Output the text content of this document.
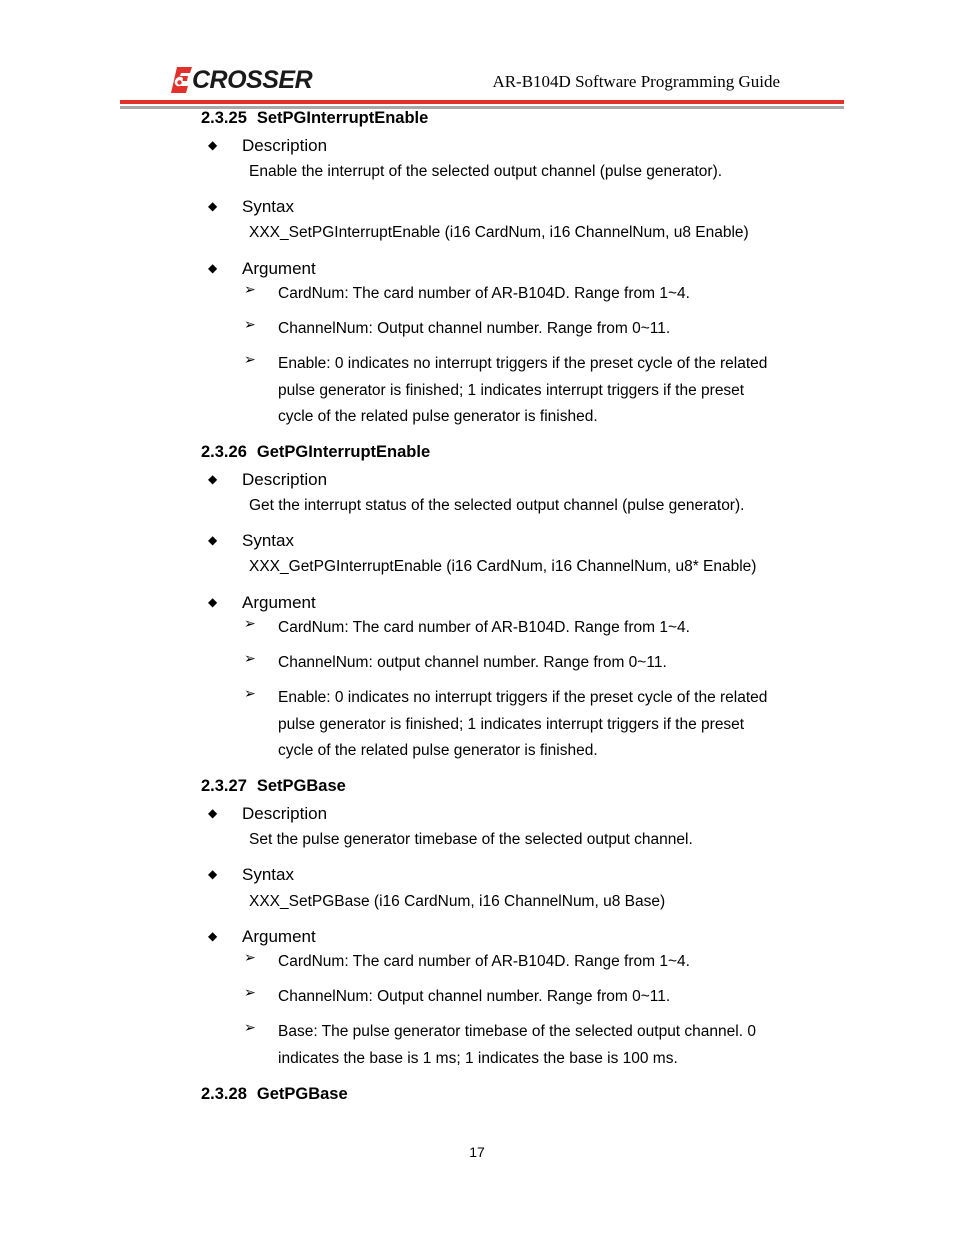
CROSSER	AR-B104D Software Programming Guide
2.3.25 SetPGInterruptEnable
◆ Description
Enable the interrupt of the selected output channel (pulse generator).
◆ Syntax
XXX_SetPGInterruptEnable (i16 CardNum, i16 ChannelNum, u8 Enable)
◆ Argument
➢ CardNum: The card number of AR-B104D. Range from 1~4.
➢ ChannelNum: Output channel number. Range from 0~11.
➢ Enable: 0 indicates no interrupt triggers if the preset cycle of the related pulse generator is finished; 1 indicates interrupt triggers if the preset cycle of the related pulse generator is finished.
2.3.26 GetPGInterruptEnable
◆ Description
Get the interrupt status of the selected output channel (pulse generator).
◆ Syntax
XXX_GetPGInterruptEnable (i16 CardNum, i16 ChannelNum, u8* Enable)
◆ Argument
➢ CardNum: The card number of AR-B104D. Range from 1~4.
➢ ChannelNum: output channel number. Range from 0~11.
➢ Enable: 0 indicates no interrupt triggers if the preset cycle of the related pulse generator is finished; 1 indicates interrupt triggers if the preset cycle of the related pulse generator is finished.
2.3.27 SetPGBase
◆ Description
Set the pulse generator timebase of the selected output channel.
◆ Syntax
XXX_SetPGBase (i16 CardNum, i16 ChannelNum, u8 Base)
◆ Argument
➢ CardNum: The card number of AR-B104D. Range from 1~4.
➢ ChannelNum: Output channel number. Range from 0~11.
➢ Base: The pulse generator timebase of the selected output channel. 0 indicates the base is 1 ms; 1 indicates the base is 100 ms.
2.3.28 GetPGBase
17
